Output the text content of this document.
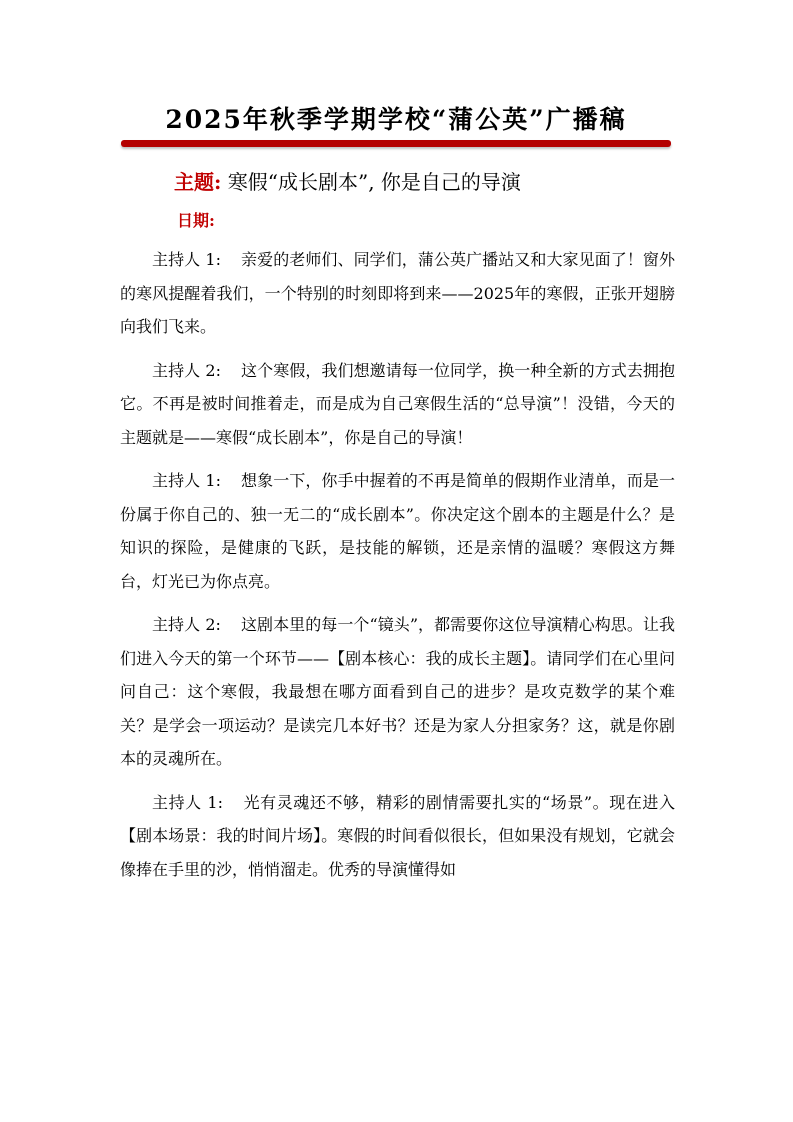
2025年秋季学期学校“蒲公英”广播稿
主题: 寒假“成长剧本”, 你是自己的导演
日期:

主持人 1: 亲爱的老师们、同学们，蒲公英广播站又和大家见面了！窗外的寒风提醒着我们，一个特别的时刻即将到来——2025年的寒假，正张开翅膀向我们飞来。

主持人 2: 这个寒假，我们想邀请每一位同学，换一种全新的方式去拥抱它。不再是被时间推着走，而是成为自己寒假生活的“总导演”！没错，今天的主题就是——寒假“成长剧本”，你是自己的导演！

主持人 1: 想象一下，你手中握着的不再是简单的假期作业清单，而是一份属于你自己的、独一无二的“成长剧本”。你决定这个剧本的主题是什么？是知识的探险，是健康的飞跃，是技能的解锁，还是亲情的温暖？寒假这方舞台，灯光已为你点亮。

主持人 2: 这剧本里的每一个“镜头”，都需要你这位导演精心构思。让我们进入今天的第一个环节——【剧本核心：我的成长主题】。请同学们在心里问问自己：这个寒假，我最想在哪方面看到自己的进步？是攻克数学的某个难关？是学会一项运动？是读完几本好书？还是为家人分担家务？这，就是你剧本的灵魂所在。

主持人 1: 光有灵魂还不够，精彩的剧情需要扎实的“场景”。现在进入【剧本场景：我的时间片场】。寒假的时间看似很长，但如果没有规划，它就会像捧在手里的沙，悄悄溜走。优秀的导演懂得如
